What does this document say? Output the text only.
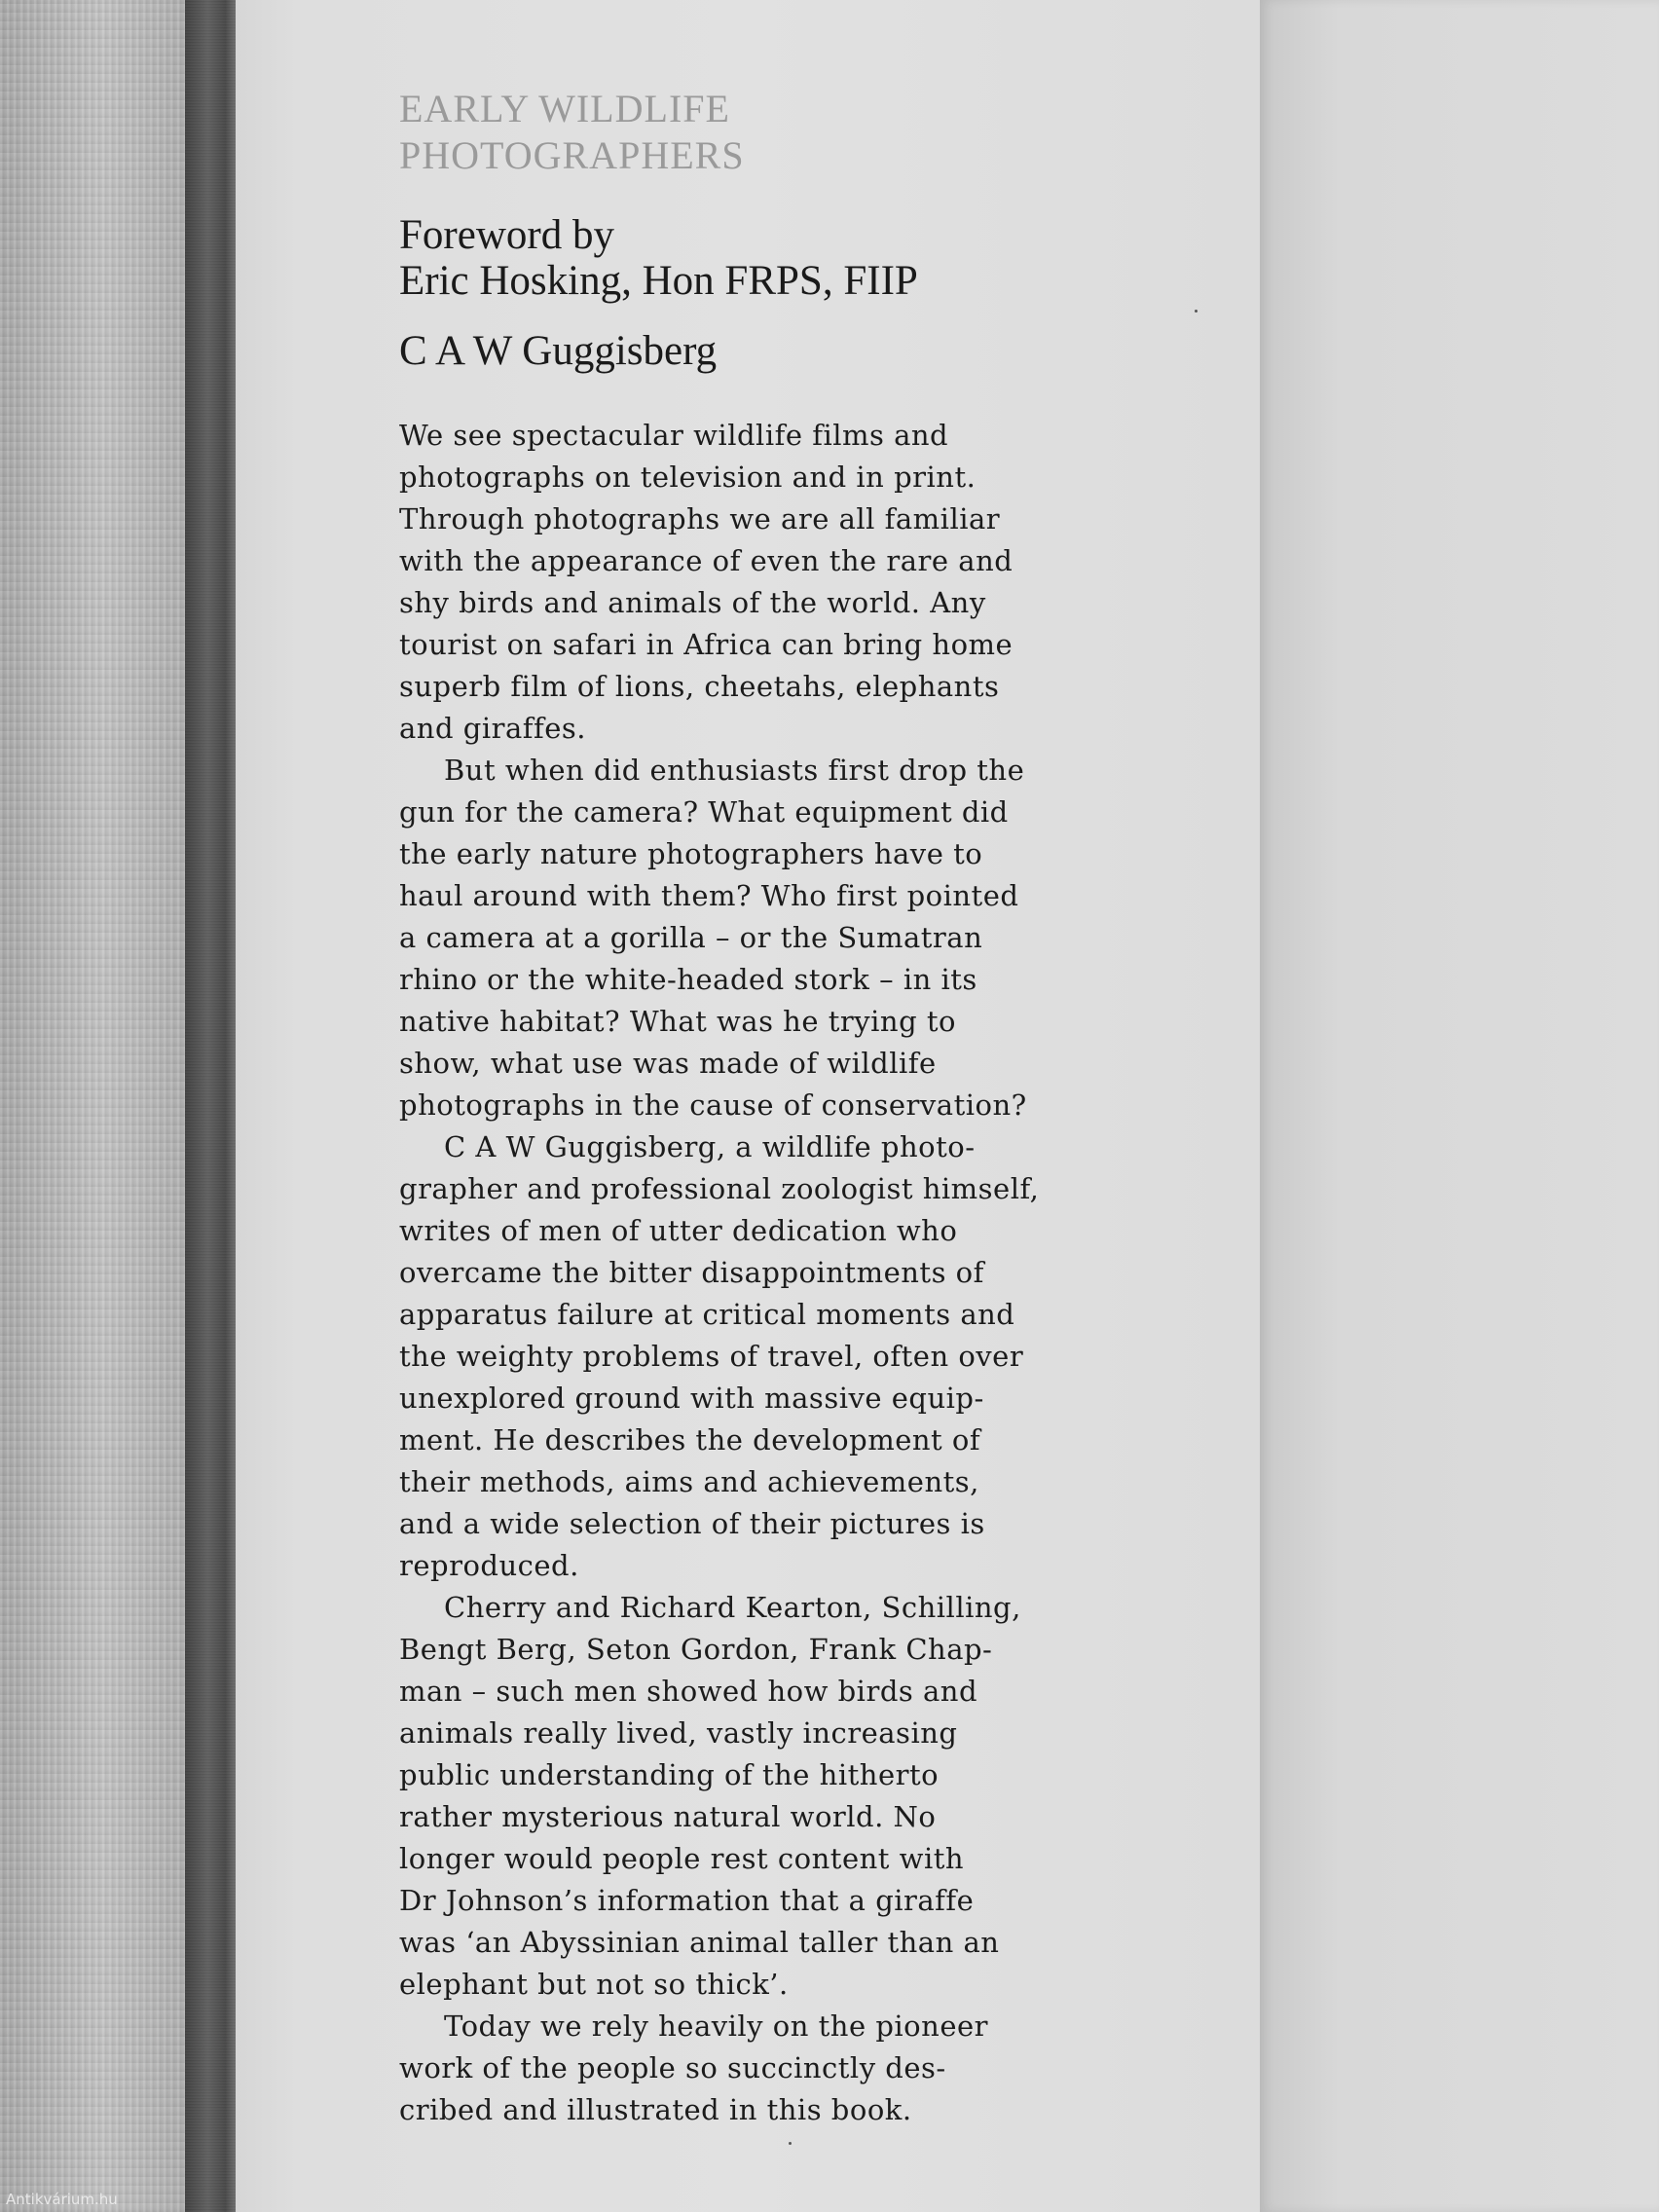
EARLY WILDLIFE
PHOTOGRAPHERS
Foreword by
Eric Hosking, Hon FRPS, FIIP
C A W Guggisberg

We see spectacular wildlife films and
photographs on television and in print.
Through photographs we are all familiar
with the appearance of even the rare and
shy birds and animals of the world. Any
tourist on safari in Africa can bring home
superb film of lions, cheetahs, elephants
and giraffes.

But when did enthusiasts first drop the
gun for the camera? What equipment did
the early nature photographers have to
haul around with them? Who first pointed
a camera at a gorilla – or the Sumatran
rhino or the white-headed stork – in its
native habitat? What was he trying to
show, what use was made of wildlife
photographs in the cause of conservation?

C A W Guggisberg, a wildlife photo-
grapher and professional zoologist himself,
writes of men of utter dedication who
overcame the bitter disappointments of
apparatus failure at critical moments and
the weighty problems of travel, often over
unexplored ground with massive equip-
ment. He describes the development of
their methods, aims and achievements,
and a wide selection of their pictures is
reproduced.

Cherry and Richard Kearton, Schilling,
Bengt Berg, Seton Gordon, Frank Chap-
man – such men showed how birds and
animals really lived, vastly increasing
public understanding of the hitherto
rather mysterious natural world. No
longer would people rest content with
Dr Johnson’s information that a giraffe
was ‘an Abyssinian animal taller than an
elephant but not so thick’.

Today we rely heavily on the pioneer
work of the people so succinctly des-
cribed and illustrated in this book.

Antikvárium.hu
